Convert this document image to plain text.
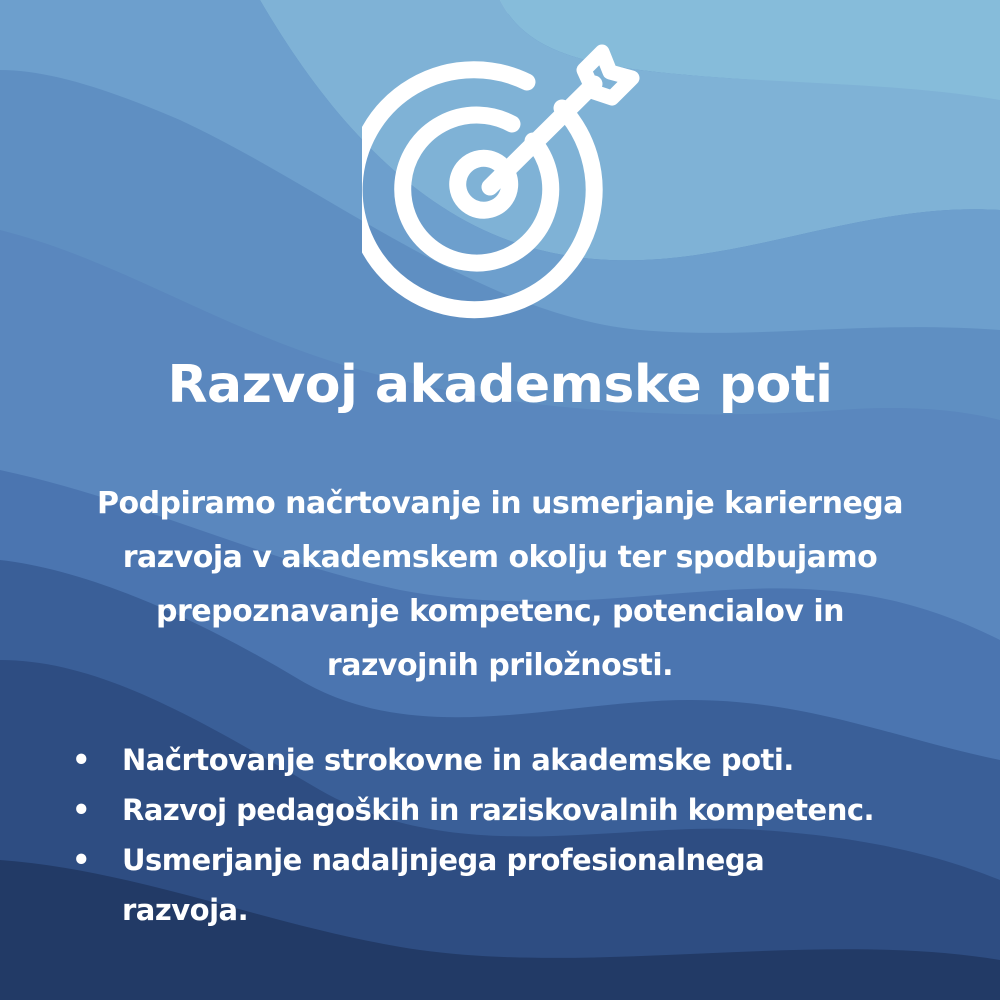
Razvoj akademske poti

Podpiramo načrtovanje in usmerjanje kariernega
razvoja v akademskem okolju ter spodbujamo
prepoznavanje kompetenc, potencialov in
razvojnih priložnosti.

• Načrtovanje strokovne in akademske poti.
• Razvoj pedagoških in raziskovalnih kompetenc.
• Usmerjanje nadaljnjega profesionalnega
razvoja.
